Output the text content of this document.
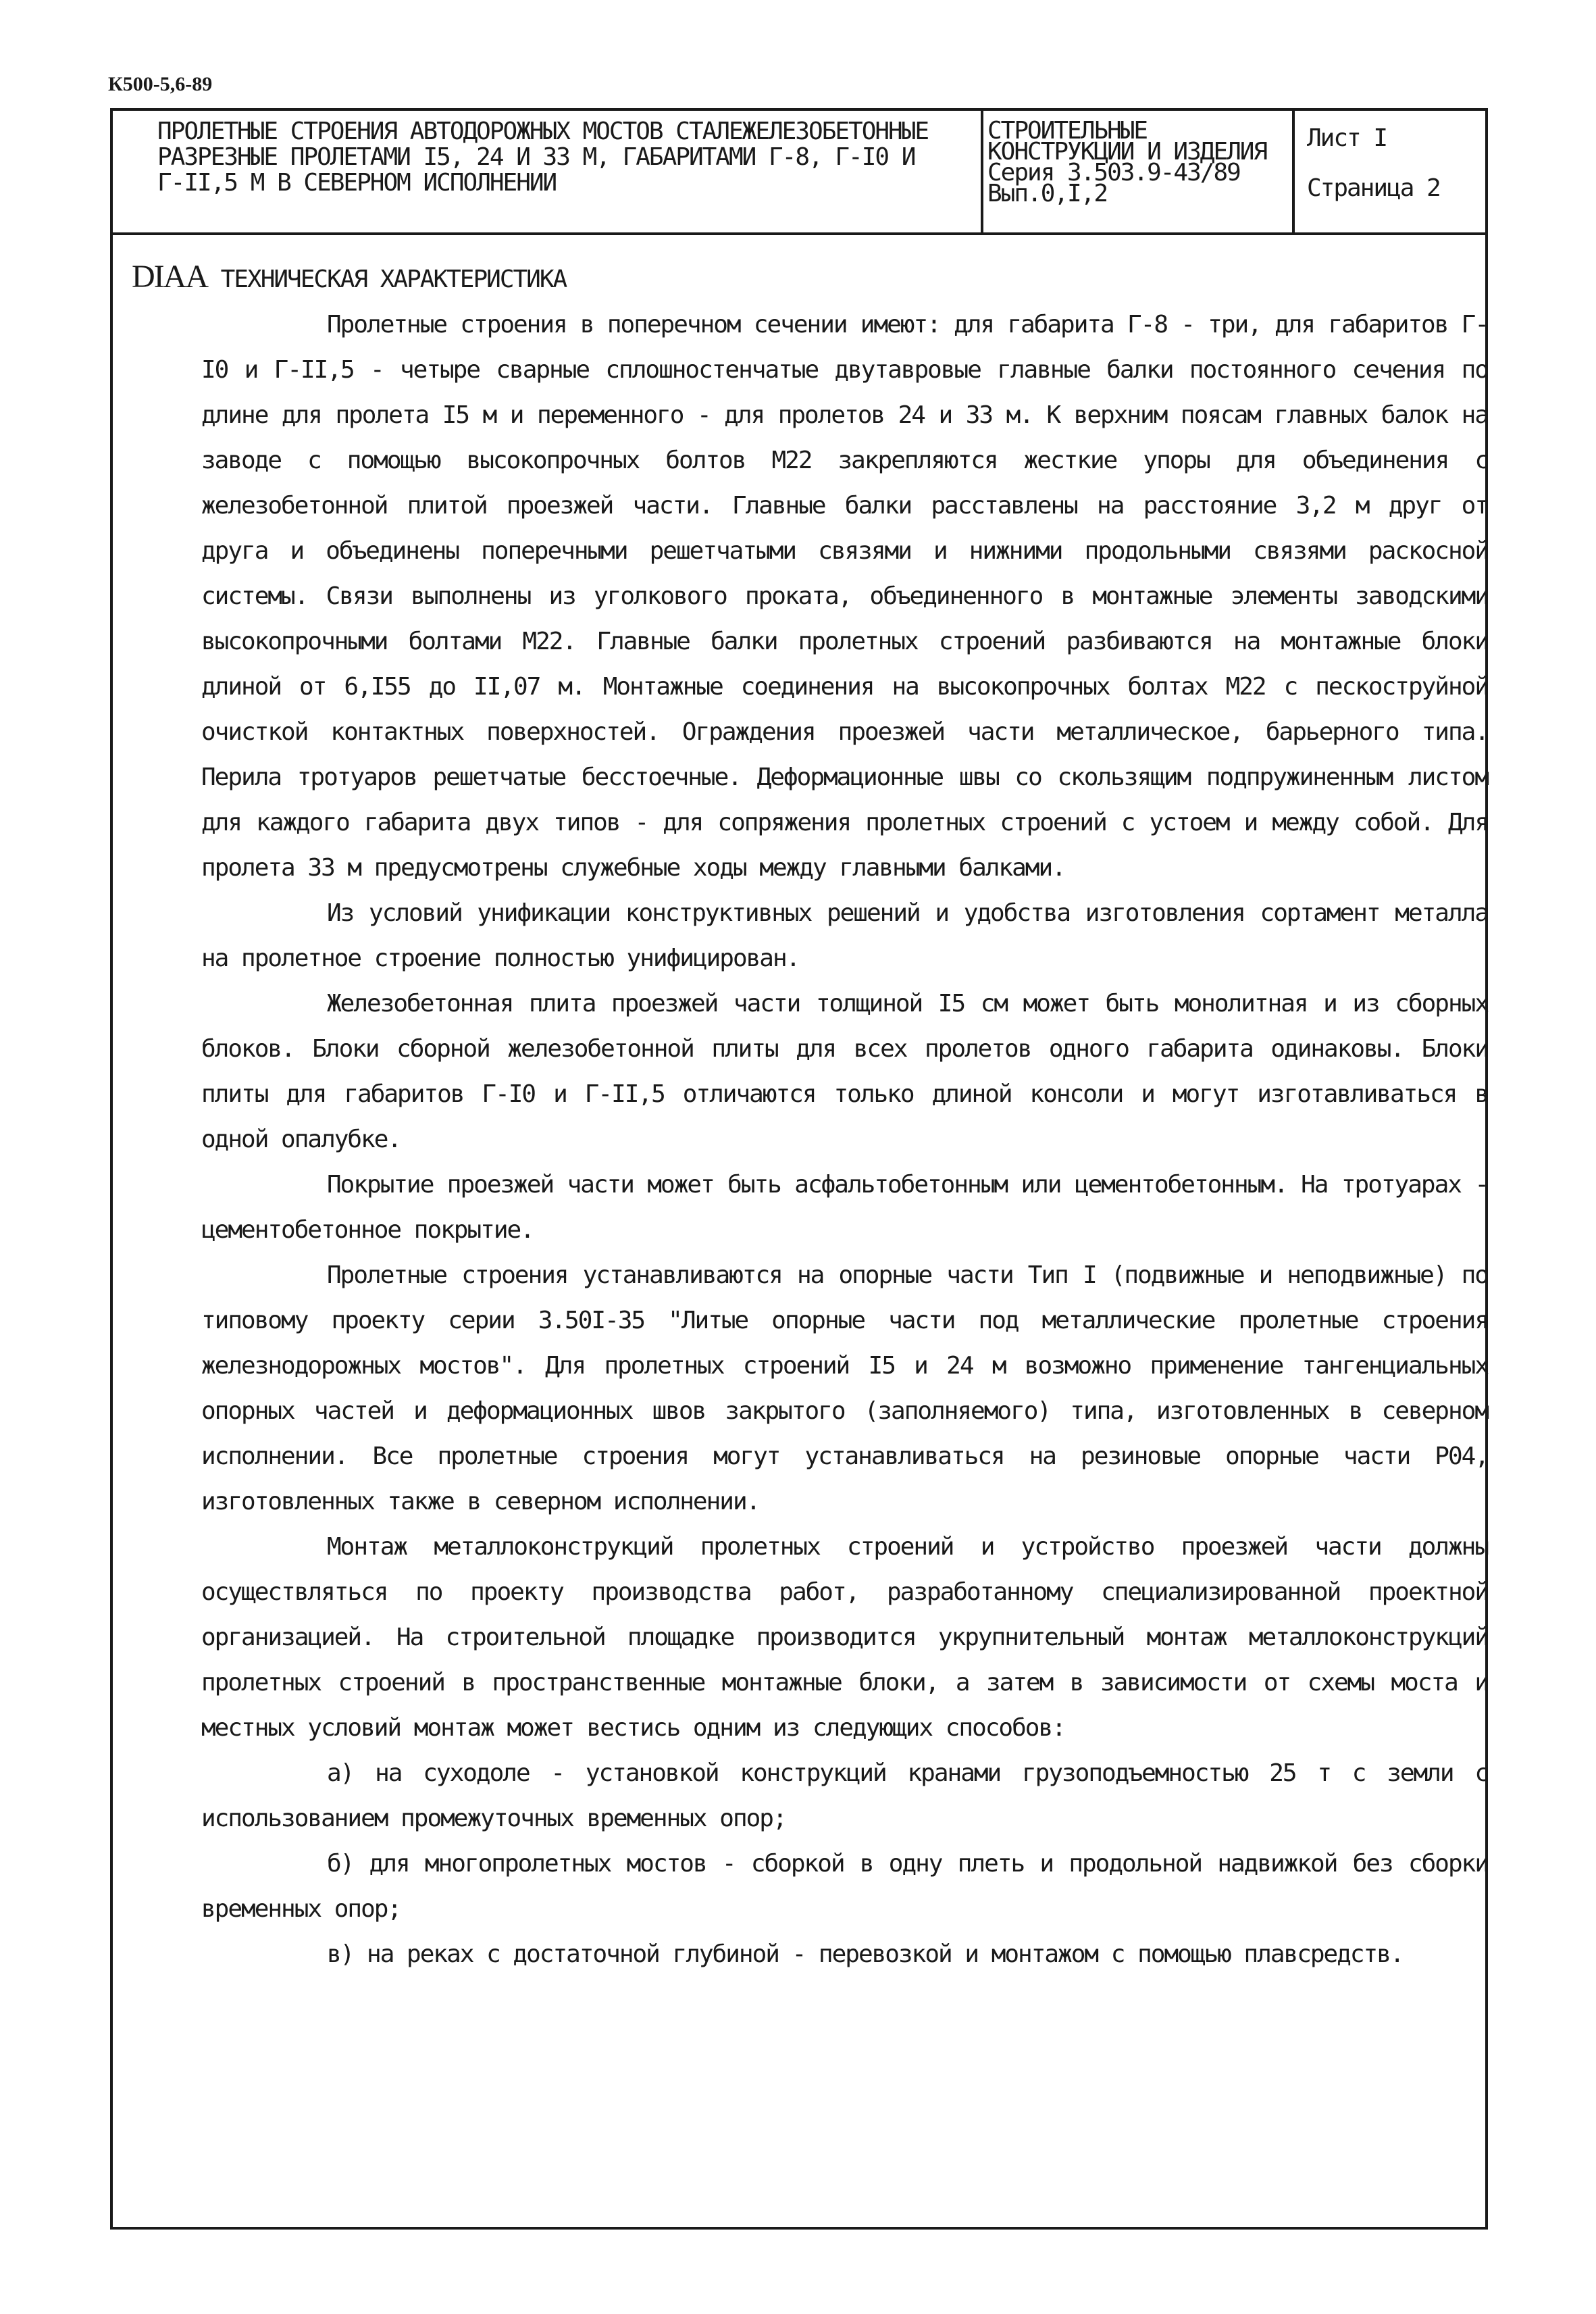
К500-5,6-89
ПРОЛЕТНЫЕ СТРОЕНИЯ АВТОДОРОЖНЫХ МОСТОВ СТАЛЕЖЕЛЕЗОБЕТОННЫЕ
РАЗРЕЗНЫЕ ПРОЛЕТАМИ I5, 24 И 33 М, ГАБАРИТАМИ Г-8, Г-I0 И
Г-II,5 М В СЕВЕРНОМ ИСПОЛНЕНИИ
СТРОИТЕЛЬНЫЕ
КОНСТРУКЦИИ И ИЗДЕЛИЯ
Серия 3.503.9-43/89
Вып.0,I,2
Лист I
Страница 2
DIAA ТЕХНИЧЕСКАЯ ХАРАКТЕРИСТИКА

Пролетные строения в поперечном сечении имеют: для габарита Г-8 - три, для габаритов Г-I0 и Г-II,5 - четыре сварные сплошностенчатые двутавровые главные балки постоянного сечения по длине для пролета I5 м и переменного - для пролетов 24 и 33 м. К верхним поясам главных балок на заводе с помощью высокопрочных болтов М22 закрепляются жесткие упоры для объединения с железобетонной плитой проезжей части. Главные балки расставлены на расстояние 3,2 м друг от друга и объединены поперечными решетчатыми связями и нижними продольными связями раскосной системы. Связи выполнены из уголкового проката, объединенного в монтажные элементы заводскими высокопрочными болтами М22. Главные балки пролетных строений разбиваются на монтажные блоки длиной от 6,I55 до II,07 м. Монтажные соединения на высокопрочных болтах М22 с пескоструйной очисткой контактных поверхностей. Ограждения проезжей части металлическое, барьерного типа. Перила тротуаров решетчатые бесстоечные. Деформационные швы со скользящим подпружиненным листом для каждого габарита двух типов - для сопряжения пролетных строений с устоем и между собой. Для пролета 33 м предусмотрены служебные ходы между главными балками.

Из условий унификации конструктивных решений и удобства изготовления сортамент металла на пролетное строение полностью унифицирован.

Железобетонная плита проезжей части толщиной I5 см может быть монолитная и из сборных блоков. Блоки сборной железобетонной плиты для всех пролетов одного габарита одинаковы. Блоки плиты для габаритов Г-I0 и Г-II,5 отличаются только длиной консоли и могут изготавливаться в одной опалубке.

Покрытие проезжей части может быть асфальтобетонным или цементобетонным. На тротуарах - цементобетонное покрытие.

Пролетные строения устанавливаются на опорные части Тип I (подвижные и неподвижные) по типовому проекту серии 3.50I-35 "Литые опорные части под металлические пролетные строения железнодорожных мостов". Для пролетных строений I5 и 24 м возможно применение тангенциальных опорных частей и деформационных швов закрытого (заполняемого) типа, изготовленных в северном исполнении. Все пролетные строения могут устанавливаться на резиновые опорные части Р04, изготовленных также в северном исполнении.

Монтаж металлоконструкций пролетных строений и устройство проезжей части должны осуществляться по проекту производства работ, разработанному специализированной проектной организацией. На строительной площадке производится укрупнительный монтаж металлоконструкций пролетных строений в пространственные монтажные блоки, а затем в зависимости от схемы моста и местных условий монтаж может вестись одним из следующих способов:

а) на суходоле - установкой конструкций кранами грузоподъемностью 25 т с земли с использованием промежуточных временных опор;

б) для многопролетных мостов - сборкой в одну плеть и продольной надвижкой без сборки временных опор;

в) на реках с достаточной глубиной - перевозкой и монтажом с помощью плавсредств.
